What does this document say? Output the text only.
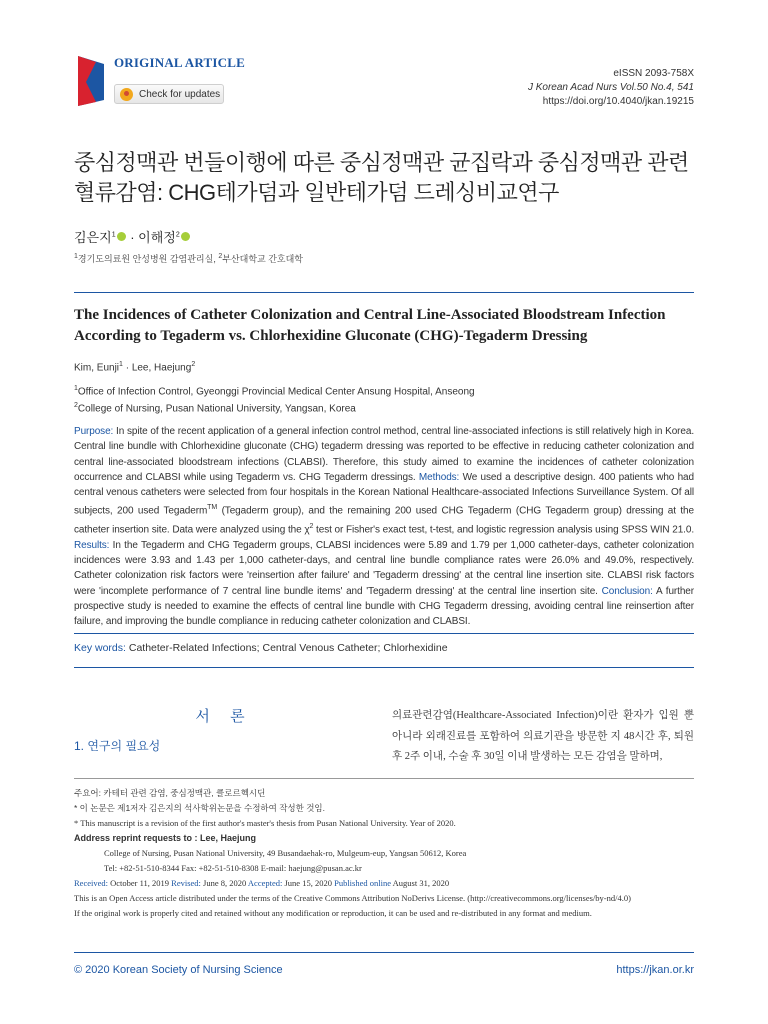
ORIGINAL ARTICLE
Check for updates
eISSN 2093-758X
J Korean Acad Nurs Vol.50 No.4, 541
https://doi.org/10.4040/jkan.19215
중심정맥관 번들이행에 따른 중심정맥관 균집락과 중심정맥관 관련
혈류감염: CHG테가덤과 일반테가덤 드레싱비교연구
김은지$^1$ · 이해정$^2$
$^1$경기도의료원 안성병원 감염관리실, $^2$부산대학교 간호대학
The Incidences of Catheter Colonization and Central Line-Associated Bloodstream Infection
According to Tegaderm vs. Chlorhexidine Gluconate (CHG)-Tegaderm Dressing
Kim, Eunji$^1$ · Lee, Haejung$^2$
$^1$Office of Infection Control, Gyeonggi Provincial Medical Center Ansung Hospital, Anseong
$^2$College of Nursing, Pusan National University, Yangsan, Korea
Purpose: In spite of the recent application of a general infection control method, central line-associated infections is still relatively high in Korea. Central line bundle with Chlorhexidine gluconate (CHG) tegaderm dressing was reported to be effective in reducing catheter colonization and central line-associated bloodstream infections (CLABSI). Therefore, this study aimed to examine the incidences of catheter colonization occurrence and CLABSI while using Tegaderm vs. CHG Tegaderm dressings. Methods: We used a descriptive design. 400 patients who had central venous catheters were selected from four hospitals in the Korean National Healthcare-associated Infections Surveillance System. Of all subjects, 200 used Tegaderm™ (Tegaderm group), and the remaining 200 used CHG Tegaderm (CHG Tegaderm group) dressing at the catheter insertion site. Data were analyzed using the $\chi^2$ test or Fisher's exact test, t-test, and logistic regression analysis using SPSS WIN 21.0. Results: In the Tegaderm and CHG Tegaderm groups, CLABSI incidences were 5.89 and 1.79 per 1,000 catheter-days, catheter colonization incidences were 3.93 and 1.43 per 1,000 catheter-days, and central line bundle compliance rates were 26.0% and 49.0%, respectively. Catheter colonization risk factors were 'reinsertion after failure' and 'Tegaderm dressing' at the central line insertion site. CLABSI risk factors were 'incomplete performance of 7 central line bundle items' and 'Tegaderm dressing' at the central line insertion site. Conclusion: A further prospective study is needed to examine the effects of central line bundle with CHG Tegaderm dressing, avoiding central line reinsertion after failure, and improving the bundle compliance in reducing catheter colonization and CLABSI.
Key words: Catheter-Related Infections; Central Venous Catheter; Chlorhexidine
서 론
1. 연구의 필요성
의료관련감염(Healthcare-Associated Infection)이란 환자가 입원 뿐 아니라 외래진료를 포함하여 의료기관을 방문한 지 48시간 후, 퇴원 후 2주 이내, 수술 후 30일 이내 발생하는 모든 감염을 말하며,
주요어: 카테터 관련 감염, 중심정맥관, 클로르헥시딘
* 이 논문은 제1저자 김은지의 석사학위논문을 수정하여 작성한 것임.
* This manuscript is a revision of the first author's master's thesis from Pusan National University. Year of 2020.
Address reprint requests to : Lee, Haejung
College of Nursing, Pusan National University, 49 Busandaehak-ro, Mulgeum-eup, Yangsan 50612, Korea
Tel: +82-51-510-8344 Fax: +82-51-510-8308 E-mail: haejung@pusan.ac.kr
Received: October 11, 2019 Revised: June 8, 2020 Accepted: June 15, 2020 Published online August 31, 2020
This is an Open Access article distributed under the terms of the Creative Commons Attribution NoDerivs License. (http://creativecommons.org/licenses/by-nd/4.0)
If the original work is properly cited and retained without any modification or reproduction, it can be used and re-distributed in any format and medium.
© 2020 Korean Society of Nursing Science	https://jkan.or.kr
